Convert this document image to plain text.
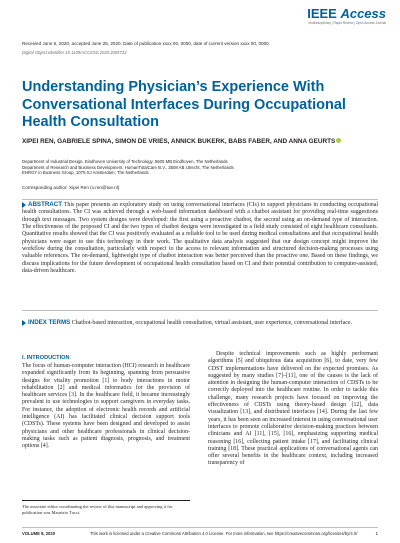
IEEE Access
Multidisciplinary | Rapid Review | Open Access Journal
Received June 6, 2020, accepted June 25, 2020. Date of publication xxxx 00, 0000, date of current version xxxx 00, 0000.
Digital Object Identifier 10.1109/ACCESS.2020.3005733
Understanding Physician’s Experience With Conversational Interfaces During Occupational Health Consultation
XIPEI REN, GABRIELE SPINA, SIMON DE VRIES, ANNICK BUKERK, BABS FABER, AND ANNA GEURTS
Department of Industrial Design, Eindhoven University of Technology, 5600 MB Eindhoven, The Netherlands
Department of Research and Business Development, HumanTotalCare B.V., 3508 AB Utrecht, The Netherlands
ENRGY in Business Group, 1075 XJ Amsterdam, The Netherlands
Corresponding author: Xipei Ren (x.ren@tue.nl)
ABSTRACT This paper presents an exploratory study on using conversational interfaces (CIs) to support physicians in conducting occupational health consultations. The CI was achieved through a web-based information dashboard with a chatbot assistant for providing real-time suggestions through text messages. Two system designs were developed: the first using a proactive chatbot, the second using an on-demand type of interaction. The effectiveness of the proposed CI and the two types of chatbot designs were investigated in a field study consisted of eight healthcare consultants. Quantitative results showed that the CI was positively evaluated as a reliable tool to be used during medical consultations and that occupational health physicians were eager to use this technology in their work. The qualitative data analysis suggested that our design concept might improve the workflow during the consultation, particularly with respect to the access to relevant information and structured decision-making processes using valuable references. The on-demand, lightweight type of chatbot interaction was better perceived than the proactive one. Based on these findings, we discuss implications for the future development of occupational health consultation based on CI and their potential contribution to computer-assisted, data-driven healthcare.
INDEX TERMS Chatbot-based interaction, occupational health consultation, virtual assistant, user experience, conversational interface.
I. INTRODUCTION

The focus of human-computer interaction (HCI) research in healthcare expanded significantly from its beginning, spanning from persuasive designs for vitality promotion [1] to body interactions in motor rehabilitation [2] and medical informatics for the provision of healthcare services [3]. In the healthcare field, it became increasingly prevalent to use technologies to support caregivers in everyday tasks. For instance, the adoption of electronic health records and artificial intelligence (AI) has facilitated clinical decision support tools (CDSTs). These systems have been designed and developed to assist physicians and other healthcare professionals in clinical decision-making tasks such as patient diagnosis, prognosis, and treatment options [4].

Despite technical improvements such as highly performant algorithms [5] and ubiquitous data acquisition [6], to date, very few CDST implementations have delivered on the expected promises. As suggested by many studies [7]–[11], one of the causes is the lack of attention in designing the human-computer interaction of CDSTs to be correctly deployed into the healthcare routine. In order to tackle this challenge, many research projects have focused on improving the effectiveness of CDSTs using theory-based design [12], data visualization [13], and distributed interfaces [14]. During the last few years, it has been seen an increased interest in using conversational user interfaces to promote collaborative decision-making practices between clinicians and AI [11], [15], [16], emphasizing supporting medical reasoning [16], collecting patient intake [17], and facilitating clinical training [18]. These practical applications of conversational agents can offer several benefits in the healthcare context, including increased transparency of

The associate editor coordinating the review of this manuscript and approving it for publication was Maurizio Tucci.
VOLUME 8, 2020	This work is licensed under a Creative Commons Attribution 4.0 License. For more information, see https://creativecommons.org/licenses/by/4.0/	1
